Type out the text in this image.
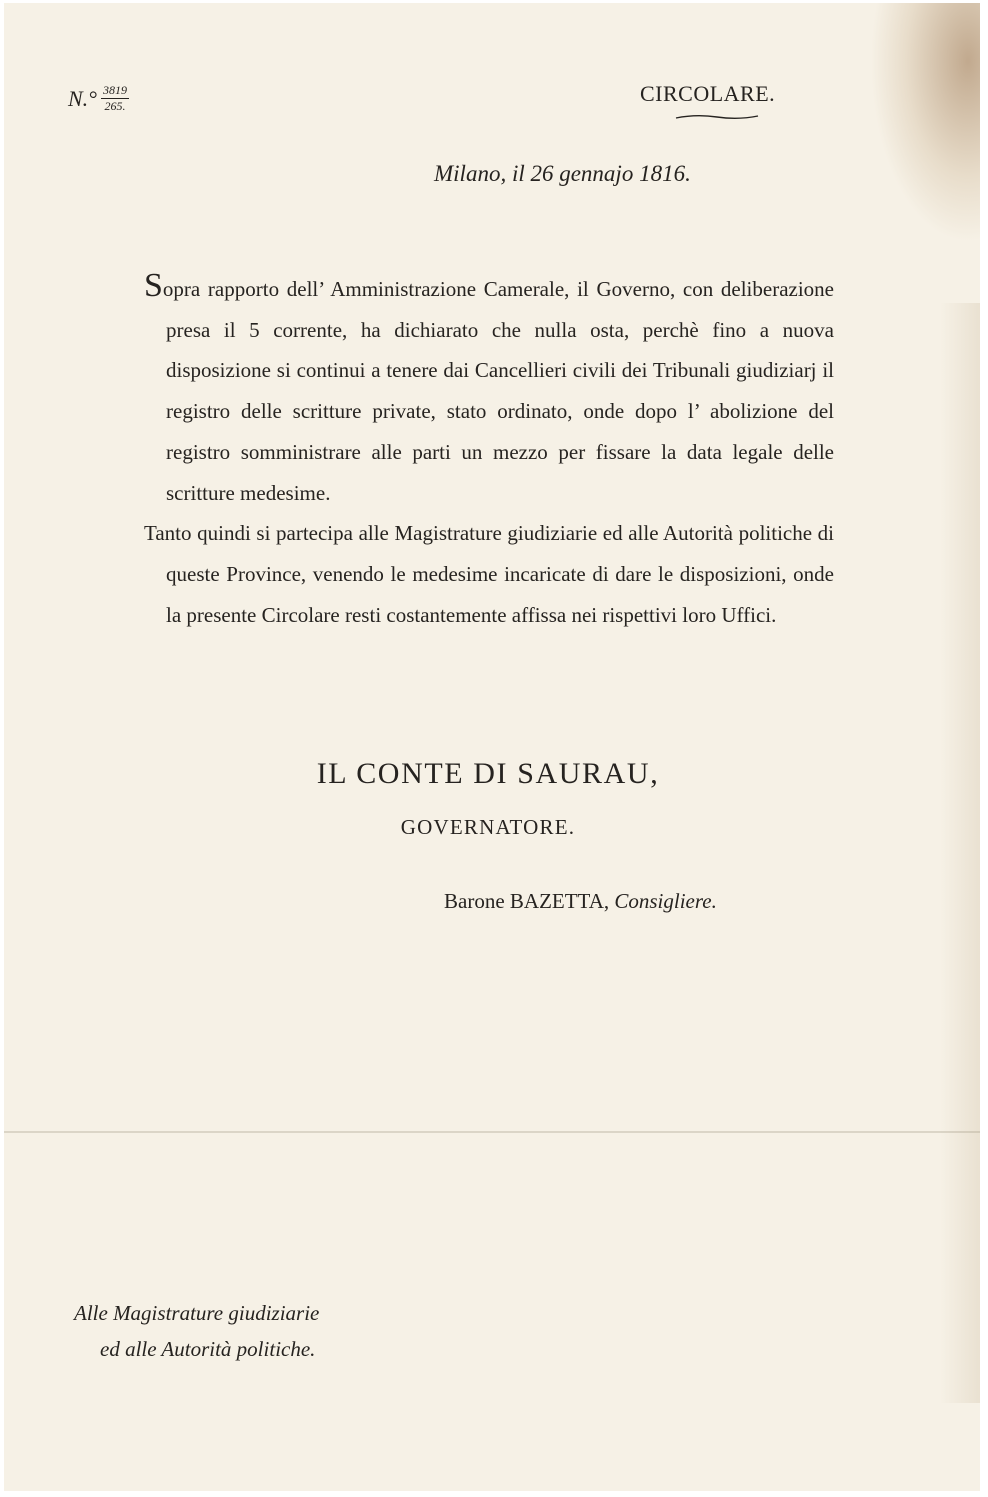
$N.^\circ \frac{3819}{265.}$	CIRCOLARE.
Milano, il 26 gennajo 1816.

Sopra rapporto dell’ Amministrazione Camerale, il Governo, con deliberazione presa il 5 corrente, ha dichiarato che nulla osta, perchè fino a nuova disposizione si continui a tenere dai Cancellieri civili dei Tribunali giudiziarj il registro delle scritture private, stato ordinato, onde dopo l’ abolizione del registro somministrare alle parti un mezzo per fissare la data legale delle scritture medesime.

Tanto quindi si partecipa alle Magistrature giudiziarie ed alle Autorità politiche di queste Province, venendo le medesime incaricate di dare le disposizioni, onde la presente Circolare resti costantemente affissa nei rispettivi loro Uffici.

IL CONTE DI SAURAU,
GOVERNATORE.
Barone BAZETTA, Consigliere.
Alle Magistrature giudiziarie
ed alle Autorità politiche.
